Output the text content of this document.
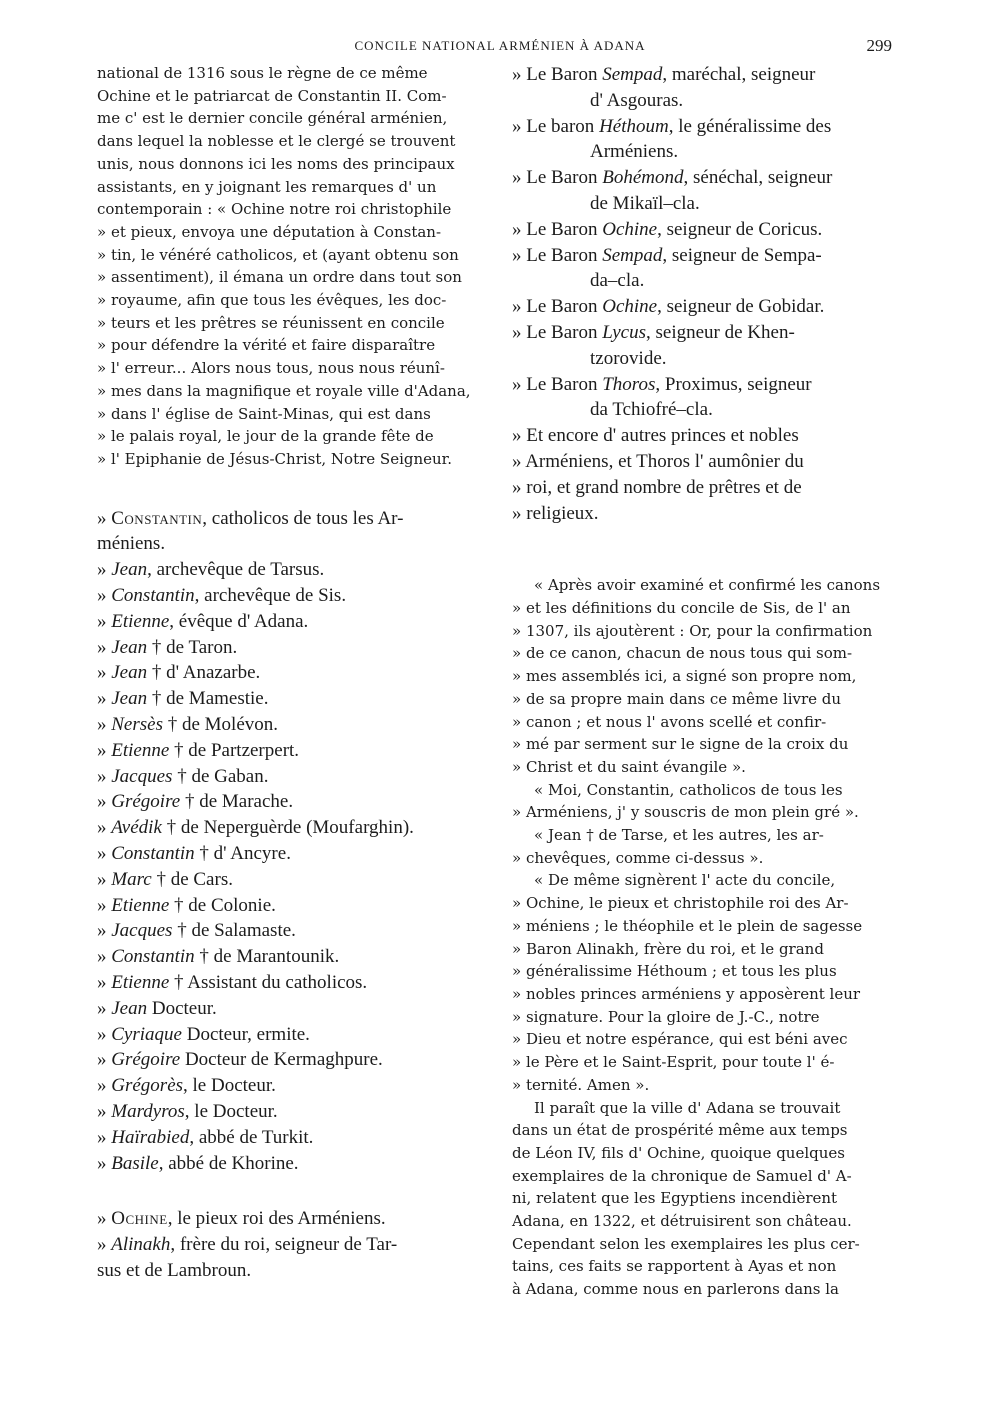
CONCILE NATIONAL ARMÉNIEN À ADANA	299

national de 1316 sous le règne de ce même

Ochine et le patriarcat de Constantin II. Com-

me c' est le dernier concile général arménien,

dans lequel la noblesse et le clergé se trouvent

unis, nous donnons ici les noms des principaux

assistants, en y joignant les remarques d' un

contemporain : « Ochine notre roi christophile

» et pieux, envoya une députation à Constan-

» tin, le vénéré catholicos, et (ayant obtenu son

» assentiment), il émana un ordre dans tout son

» royaume, afin que tous les évêques, les doc-

» teurs et les prêtres se réunissent en concile

» pour défendre la vérité et faire disparaître

» l' erreur... Alors nous tous, nous nous réunî-

» mes dans la magnifique et royale ville d'Adana,

» dans l' église de Saint-Minas, qui est dans

» le palais royal, le jour de la grande fête de

» l' Epiphanie de Jésus-Christ, Notre Seigneur.

» Constantin, catholicos de tous les Ar-
méniens.
» Jean, archevêque de Tarsus.
» Constantin, archevêque de Sis.
» Etienne, évêque d' Adana.
» Jean † de Taron.
» Jean † d' Anazarbe.
» Jean † de Mamestie.
» Nersès † de Molévon.
» Etienne † de Partzerpert.
» Jacques † de Gaban.
» Grégoire † de Marache.
» Avédik † de Neperguèrde (Moufarghin).
» Constantin † d' Ancyre.
» Marc † de Cars.
» Etienne † de Colonie.
» Jacques † de Salamaste.
» Constantin † de Marantounik.
» Etienne † Assistant du catholicos.
» Jean Docteur.
» Cyriaque Docteur, ermite.
» Grégoire Docteur de Kermaghpure.
» Grégorès, le Docteur.
» Mardyros, le Docteur.
» Haïrabied, abbé de Turkit.
» Basile, abbé de Khorine.
» Ochine, le pieux roi des Arméniens.
» Alinakh, frère du roi, seigneur de Tar-
sus et de Lambroun.
» Le Baron Sempad, maréchal, seigneur
d' Asgouras.
» Le baron Héthoum, le généralissime des
Arméniens.
» Le Baron Bohémond, sénéchal, seigneur
de Mikaïl–cla.
» Le Baron Ochine, seigneur de Coricus.
» Le Baron Sempad, seigneur de Sempa-
da–cla.
» Le Baron Ochine, seigneur de Gobidar.
» Le Baron Lycus, seigneur de Khen-
tzorovide.
» Le Baron Thoros, Proximus, seigneur
da Tchiofré–cla.
» Et encore d' autres princes et nobles
» Arméniens, et Thoros l' aumônier du
» roi, et grand nombre de prêtres et de
» religieux.

« Après avoir examiné et confirmé les canons

» et les définitions du concile de Sis, de l' an

» 1307, ils ajoutèrent : Or, pour la confirmation

» de ce canon, chacun de nous tous qui som-

» mes assemblés ici, a signé son propre nom,

» de sa propre main dans ce même livre du

» canon ; et nous l' avons scellé et confir-

» mé par serment sur le signe de la croix du

» Christ et du saint évangile ».

« Moi, Constantin, catholicos de tous les

» Arméniens, j' y souscris de mon plein gré ».

« Jean † de Tarse, et les autres, les ar-

» chevêques, comme ci-dessus ».

« De même signèrent l' acte du concile,

» Ochine, le pieux et christophile roi des Ar-

» méniens ; le théophile et le plein de sagesse

» Baron Alinakh, frère du roi, et le grand

» généralissime Héthoum ; et tous les plus

» nobles princes arméniens y apposèrent leur

» signature. Pour la gloire de J.-C., notre

» Dieu et notre espérance, qui est béni avec

» le Père et le Saint-Esprit, pour toute l' é-

» ternité. Amen ».

Il paraît que la ville d' Adana se trouvait

dans un état de prospérité même aux temps

de Léon IV, fils d' Ochine, quoique quelques

exemplaires de la chronique de Samuel d' A-

ni, relatent que les Egyptiens incendièrent

Adana, en 1322, et détruisirent son château.

Cependant selon les exemplaires les plus cer-

tains, ces faits se rapportent à Ayas et non

à Adana, comme nous en parlerons dans la
